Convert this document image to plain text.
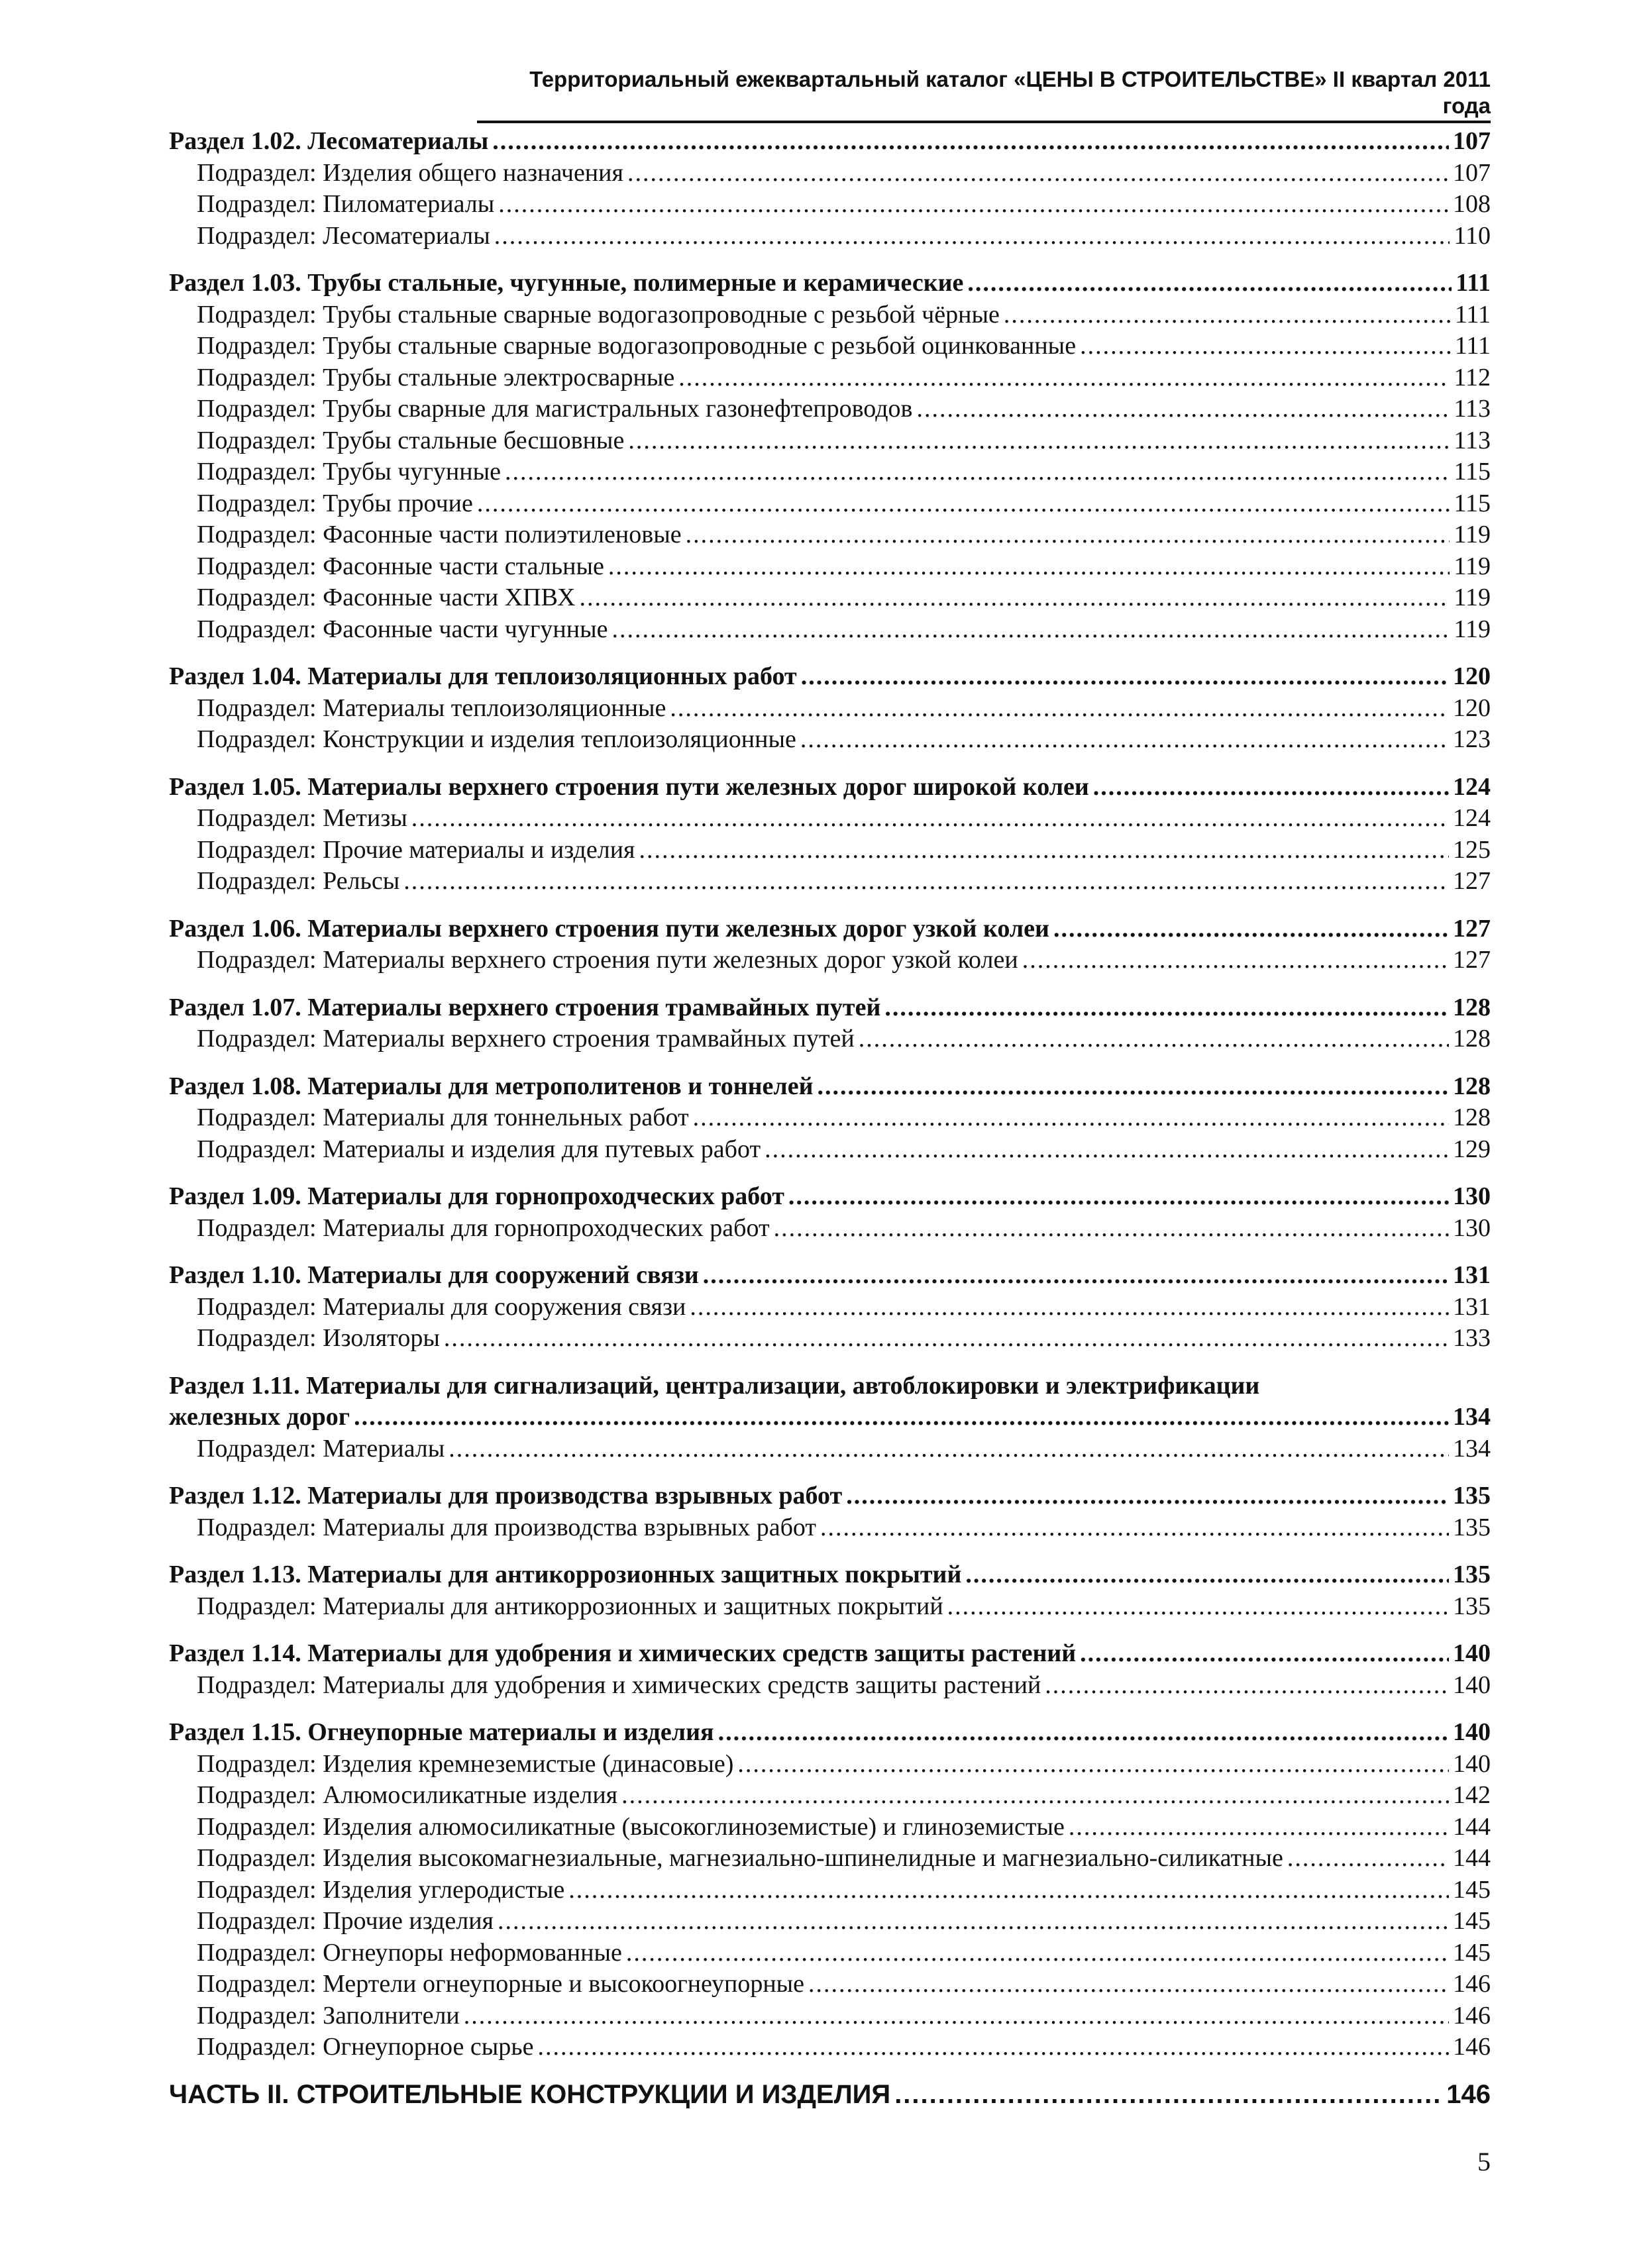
Территориальный ежеквартальный каталог «ЦЕНЫ В СТРОИТЕЛЬСТВЕ» II квартал 2011 года
Раздел 1.02. Лесоматериалы .....	107
Подраздел: Изделия общего назначения .....	107
Подраздел: Пиломатериалы .....	108
Подраздел: Лесоматериалы .....	110
Раздел 1.03. Трубы стальные, чугунные, полимерные и керамические .....	111
Подраздел: Трубы стальные сварные водогазопроводные с резьбой чёрные .....	111
Подраздел: Трубы стальные сварные водогазопроводные с резьбой оцинкованные .....	111
Подраздел: Трубы стальные электросварные .....	112
Подраздел: Трубы сварные для магистральных газонефтепроводов .....	113
Подраздел: Трубы стальные бесшовные .....	113
Подраздел: Трубы чугунные .....	115
Подраздел: Трубы прочие .....	115
Подраздел: Фасонные части полиэтиленовые .....	119
Подраздел: Фасонные части стальные .....	119
Подраздел: Фасонные части ХПВХ .....	119
Подраздел: Фасонные части чугунные .....	119
Раздел 1.04. Материалы для теплоизоляционных работ .....	120
Подраздел: Материалы теплоизоляционные .....	120
Подраздел: Конструкции и изделия теплоизоляционные .....	123
Раздел 1.05. Материалы верхнего строения пути железных дорог широкой колеи .....	124
Подраздел: Метизы .....	124
Подраздел: Прочие материалы и изделия .....	125
Подраздел: Рельсы .....	127
Раздел 1.06. Материалы верхнего строения пути железных дорог узкой колеи .....	127
Подраздел: Материалы верхнего строения пути железных дорог узкой колеи .....	127
Раздел 1.07. Материалы верхнего строения трамвайных путей .....	128
Подраздел: Материалы верхнего строения трамвайных путей .....	128
Раздел 1.08. Материалы для метрополитенов и тоннелей .....	128
Подраздел: Материалы для тоннельных работ .....	128
Подраздел: Материалы и изделия для путевых работ .....	129
Раздел 1.09. Материалы для горнопроходческих работ .....	130
Подраздел: Материалы для горнопроходческих работ .....	130
Раздел 1.10. Материалы для сооружений связи .....	131
Подраздел: Материалы для сооружения связи .....	131
Подраздел: Изоляторы .....	133
Раздел 1.11. Материалы для сигнализаций, централизации, автоблокировки и электрификации
железных дорог .....	134
Подраздел: Материалы .....	134
Раздел 1.12. Материалы для производства взрывных работ .....	135
Подраздел: Материалы для производства взрывных работ .....	135
Раздел 1.13. Материалы для антикоррозионных защитных покрытий .....	135
Подраздел: Материалы для антикоррозионных и защитных покрытий .....	135
Раздел 1.14. Материалы для удобрения и химических средств защиты растений .....	140
Подраздел: Материалы для удобрения и химических средств защиты растений .....	140
Раздел 1.15. Огнеупорные материалы и изделия .....	140
Подраздел: Изделия кремнеземистые (динасовые) .....	140
Подраздел: Алюмосиликатные изделия .....	142
Подраздел: Изделия алюмосиликатные (высокоглиноземистые) и глиноземистые .....	144
Подраздел: Изделия высокомагнезиальные, магнезиально-шпинелидные и магнезиально-силикатные .....	144
Подраздел: Изделия углеродистые .....	145
Подраздел: Прочие изделия .....	145
Подраздел: Огнеупоры неформованные .....	145
Подраздел: Мертели огнеупорные и высокоогнеупорные .....	146
Подраздел: Заполнители .....	146
Подраздел: Огнеупорное сырье .....	146
ЧАСТЬ II. СТРОИТЕЛЬНЫЕ КОНСТРУКЦИИ И ИЗДЕЛИЯ .....	146
5
